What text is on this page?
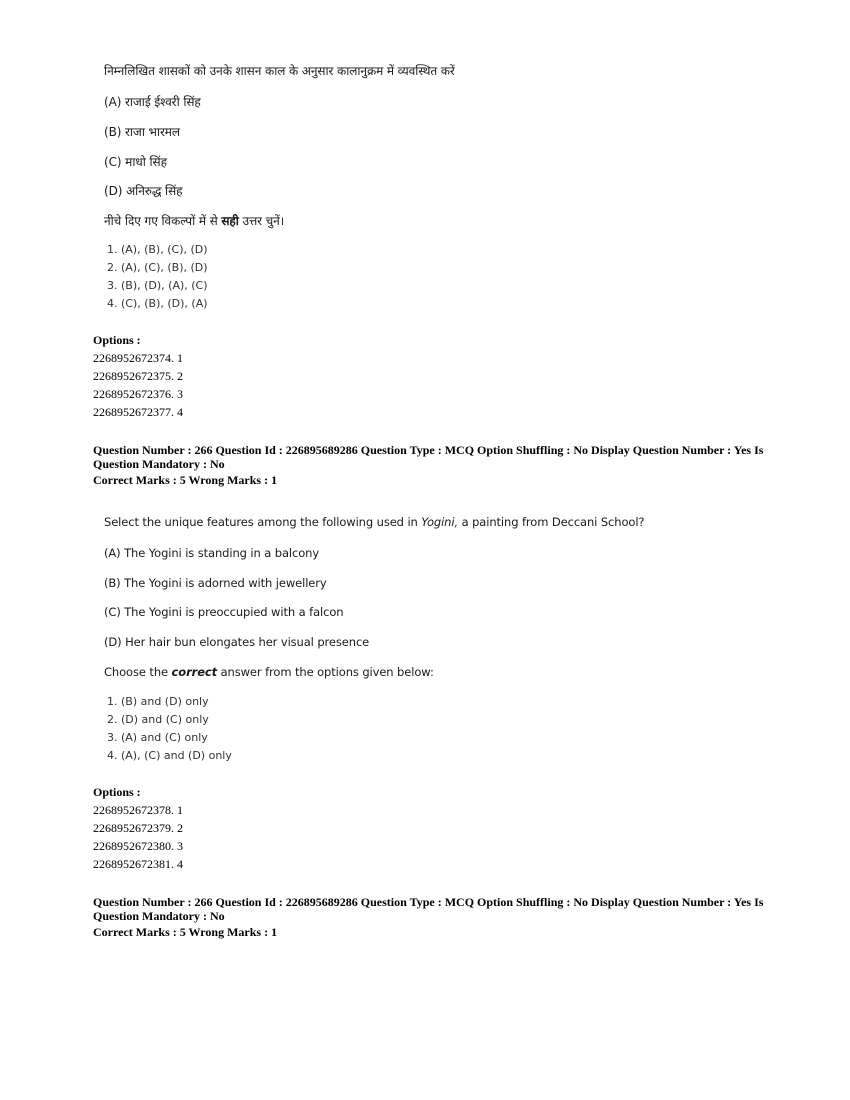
निम्नलिखित शासकों को उनके शासन काल के अनुसार कालानुक्रम में व्यवस्थित करें
(A) राजाई ईश्वरी सिंह
(B) राजा भारमल
(C) माधो सिंह
(D) अनिरुद्ध सिंह
नीचे दिए गए विकल्पों में से सही उत्तर चुनें।
1. (A), (B), (C), (D)
2. (A), (C), (B), (D)
3. (B), (D), (A), (C)
4. (C), (B), (D), (A)
Options :
2268952672374. 1
2268952672375. 2
2268952672376. 3
2268952672377. 4
Question Number : 266 Question Id : 226895689286 Question Type : MCQ Option Shuffling : No Display Question Number : Yes Is
Question Mandatory : No
Correct Marks : 5 Wrong Marks : 1
Select the unique features among the following used in Yogini, a painting from Deccani School?
(A) The Yogini is standing in a balcony
(B) The Yogini is adorned with jewellery
(C) The Yogini is preoccupied with a falcon
(D) Her hair bun elongates her visual presence
Choose the correct answer from the options given below:
1. (B) and (D) only
2. (D) and (C) only
3. (A) and (C) only
4. (A), (C) and (D) only
Options :
2268952672378. 1
2268952672379. 2
2268952672380. 3
2268952672381. 4
Question Number : 266 Question Id : 226895689286 Question Type : MCQ Option Shuffling : No Display Question Number : Yes Is
Question Mandatory : No
Correct Marks : 5 Wrong Marks : 1
